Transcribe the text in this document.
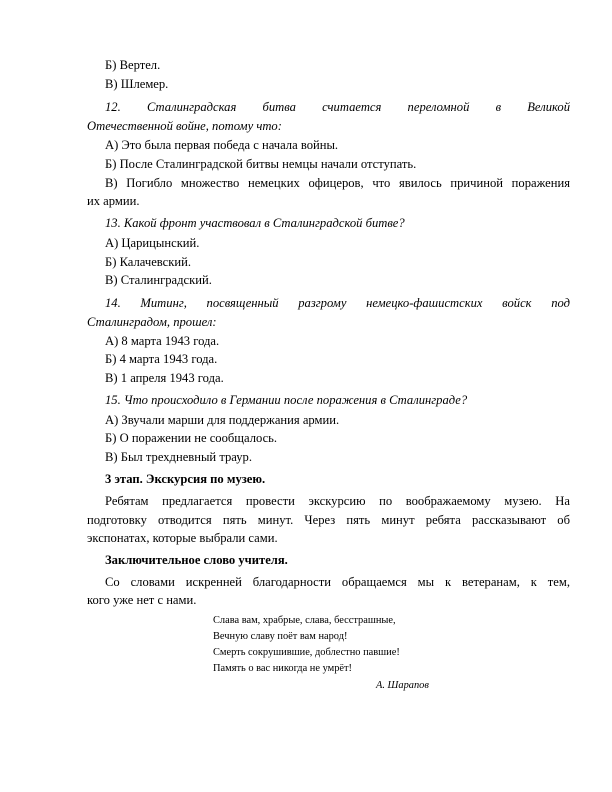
Б) Вертел.
В) Шлемер.
12. Сталинградская битва считается переломной в Великой
Отечественной войне, потому что:
А) Это была первая победа с начала войны.
Б) После Сталинградской битвы немцы начали отступать.
В) Погибло множество немецких офицеров, что явилось причиной поражения
их армии.
13. Какой фронт участвовал в Сталинградской битве?
А) Царицынский.
Б) Калачевский.
В) Сталинградский.
14. Митинг, посвященный разгрому немецко-фашистских войск под
Сталинградом, прошел:
А) 8 марта 1943 года.
Б) 4 марта 1943 года.
В) 1 апреля 1943 года.
15. Что происходило в Германии после поражения в Сталинграде?
А) Звучали марши для поддержания армии.
Б) О поражении не сообщалось.
В) Был трехдневный траур.
3 этап. Экскурсия по музею.
Ребятам предлагается провести экскурсию по воображаемому музею. На
подготовку отводится пять минут. Через пять минут ребята рассказывают об
экспонатах, которые выбрали сами.
Заключительное слово учителя.
Со словами искренней благодарности обращаемся мы к ветеранам, к тем,
кого уже нет с нами.
Слава вам, храбрые, слава, бесстрашные,
Вечную славу поёт вам народ!
Смерть сокрушившие, доблестно павшие!
Память о вас никогда не умрёт!
А. Шарапов
